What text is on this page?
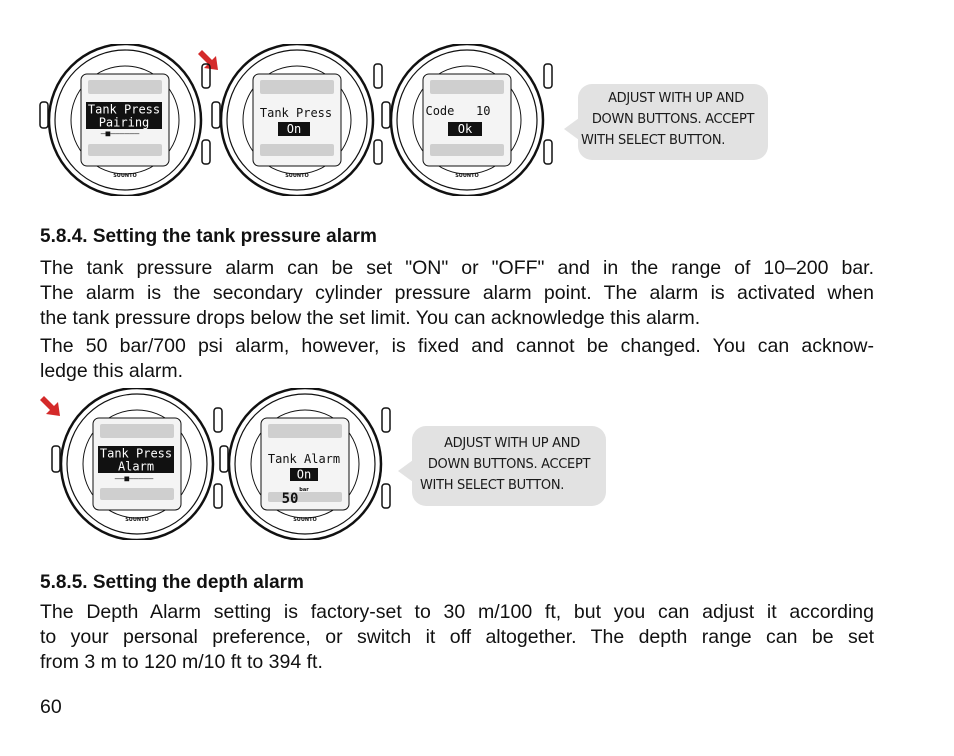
Tank Press
Pairing
—■——————
SUUNTO
Tank Press
On
SUUNTO
Code   10
Ok
SUUNTO
ADJUST WITH UP AND
DOWN BUTTONS. ACCEPT
WITH SELECT BUTTON.
5.8.4. Setting the tank pressure alarm
The tank pressure alarm can be set "ON" or "OFF" and in the range of 10–200 bar.
The alarm is the secondary cylinder pressure alarm point. The alarm is activated when
the tank pressure drops below the set limit. You can acknowledge this alarm.
The 50 bar/700 psi alarm, however, is fixed and cannot be changed. You can acknow-
ledge this alarm.
Tank Press
Alarm
——■—————
SUUNTO
Tank Alarm
On
bar
50
SUUNTO
ADJUST WITH UP AND
DOWN BUTTONS. ACCEPT
WITH SELECT BUTTON.
5.8.5. Setting the depth alarm
The Depth Alarm setting is factory-set to 30 m/100 ft, but you can adjust it according
to your personal preference, or switch it off altogether. The depth range can be set
from 3 m to 120 m/10 ft to 394 ft.
60
